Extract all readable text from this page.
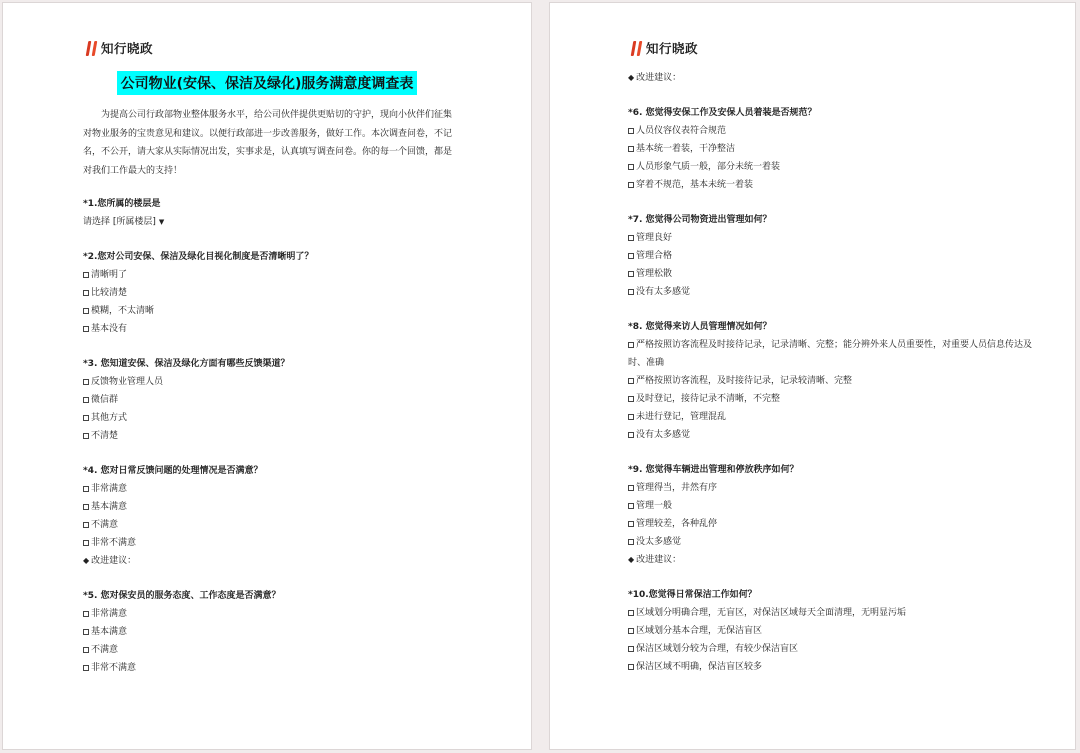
知行晓政
公司物业(安保、保洁及绿化)服务满意度调查表

为提高公司行政部物业整体服务水平，给公司伙伴提供更贴切的守护，现向小伙伴们征集对物业服务的宝贵意见和建议。以便行政部进一步改善服务，做好工作。本次调查问卷，不记名，不公开，请大家从实际情况出发，实事求是，认真填写调查问卷。你的每一个回馈，都是对我们工作最大的支持！

*1.您所属的楼层是
请选择 [所属楼层] ▼
*2.您对公司安保、保洁及绿化目视化制度是否清晰明了？
清晰明了
比较清楚
模糊，不太清晰
基本没有
*3. 您知道安保、保洁及绿化方面有哪些反馈渠道？
反馈物业管理人员
微信群
其他方式
不清楚
*4. 您对日常反馈问题的处理情况是否满意？
非常满意
基本满意
不满意
非常不满意
◆ 改进建议：
*5. 您对保安员的服务态度、工作态度是否满意？
非常满意
基本满意
不满意
非常不满意
知行晓政
◆ 改进建议：
*6. 您觉得安保工作及安保人员着装是否规范？
人员仪容仪表符合规范
基本统一着装，干净整洁
人员形象气质一般，部分未统一着装
穿着不规范，基本未统一着装
*7. 您觉得公司物资进出管理如何？
管理良好
管理合格
管理松散
没有太多感觉
*8. 您觉得来访人员管理情况如何？
严格按照访客流程及时接待记录，记录清晰、完整；能分辨外来人员重要性，对重要人员信息传达及时、准确
严格按照访客流程，及时接待记录，记录较清晰、完整
及时登记，接待记录不清晰，不完整
未进行登记，管理混乱
没有太多感觉
*9. 您觉得车辆进出管理和停放秩序如何？
管理得当，井然有序
管理一般
管理较差，各种乱停
没太多感觉
◆ 改进建议：
*10.您觉得日常保洁工作如何？
区域划分明确合理，无盲区，对保洁区域每天全面清理，无明显污垢
区域划分基本合理，无保洁盲区
保洁区域划分较为合理，有较少保洁盲区
保洁区域不明确，保洁盲区较多
